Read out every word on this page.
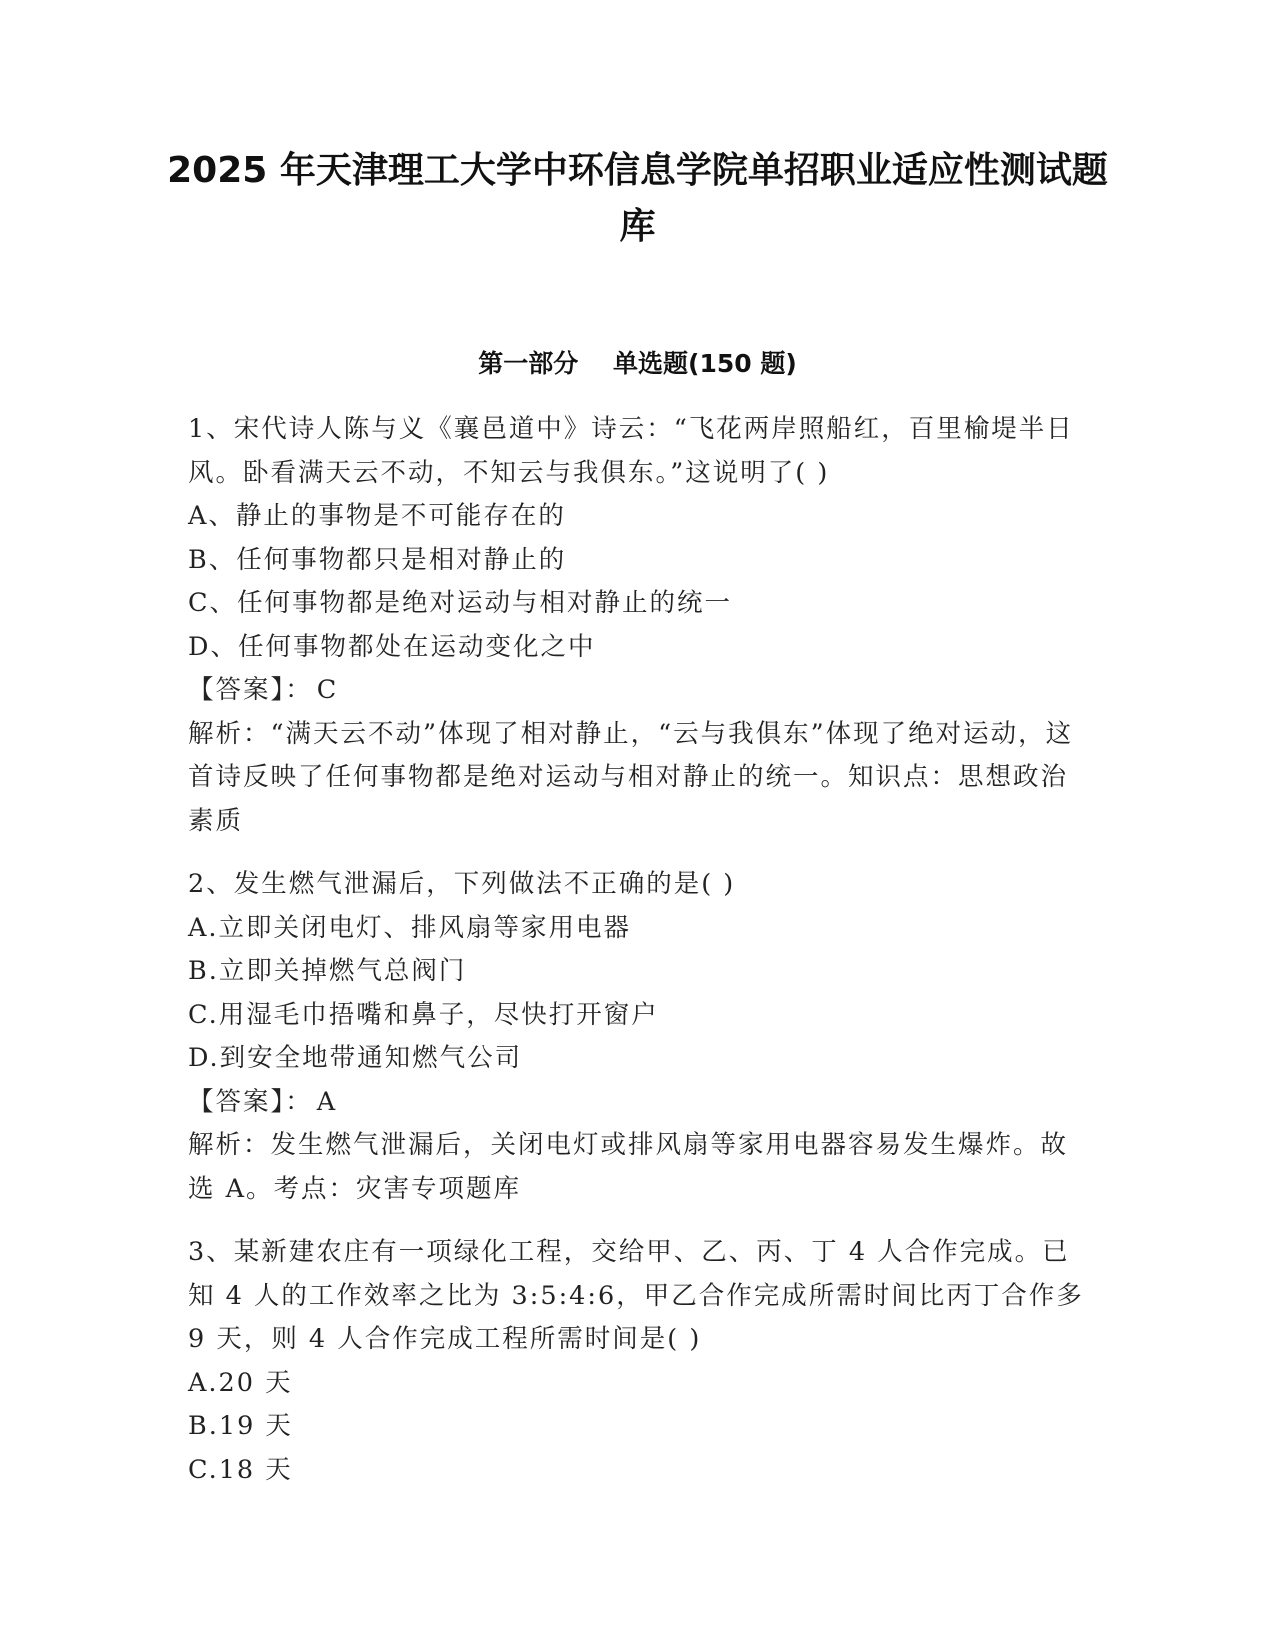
2025 年天津理工大学中环信息学院单招职业适应性测试题库
第一部分    单选题(150 题)
1、宋代诗人陈与义《襄邑道中》诗云：“飞花两岸照船红，百里榆堤半日风。卧看满天云不动，不知云与我俱东。”这说明了( )
A、静止的事物是不可能存在的
B、任何事物都只是相对静止的
C、任何事物都是绝对运动与相对静止的统一
D、任何事物都处在运动变化之中
【答案】： C
解析：“满天云不动”体现了相对静止，“云与我俱东”体现了绝对运动，这首诗反映了任何事物都是绝对运动与相对静止的统一。知识点：思想政治素质
2、发生燃气泄漏后，下列做法不正确的是( )
A.立即关闭电灯、排风扇等家用电器
B.立即关掉燃气总阀门
C.用湿毛巾捂嘴和鼻子，尽快打开窗户
D.到安全地带通知燃气公司
【答案】： A
解析：发生燃气泄漏后，关闭电灯或排风扇等家用电器容易发生爆炸。故选 A。考点：灾害专项题库
3、某新建农庄有一项绿化工程，交给甲、乙、丙、丁 4 人合作完成。已知 4 人的工作效率之比为 3:5:4:6，甲乙合作完成所需时间比丙丁合作多 9 天，则 4 人合作完成工程所需时间是( )
A.20 天
B.19 天
C.18 天
